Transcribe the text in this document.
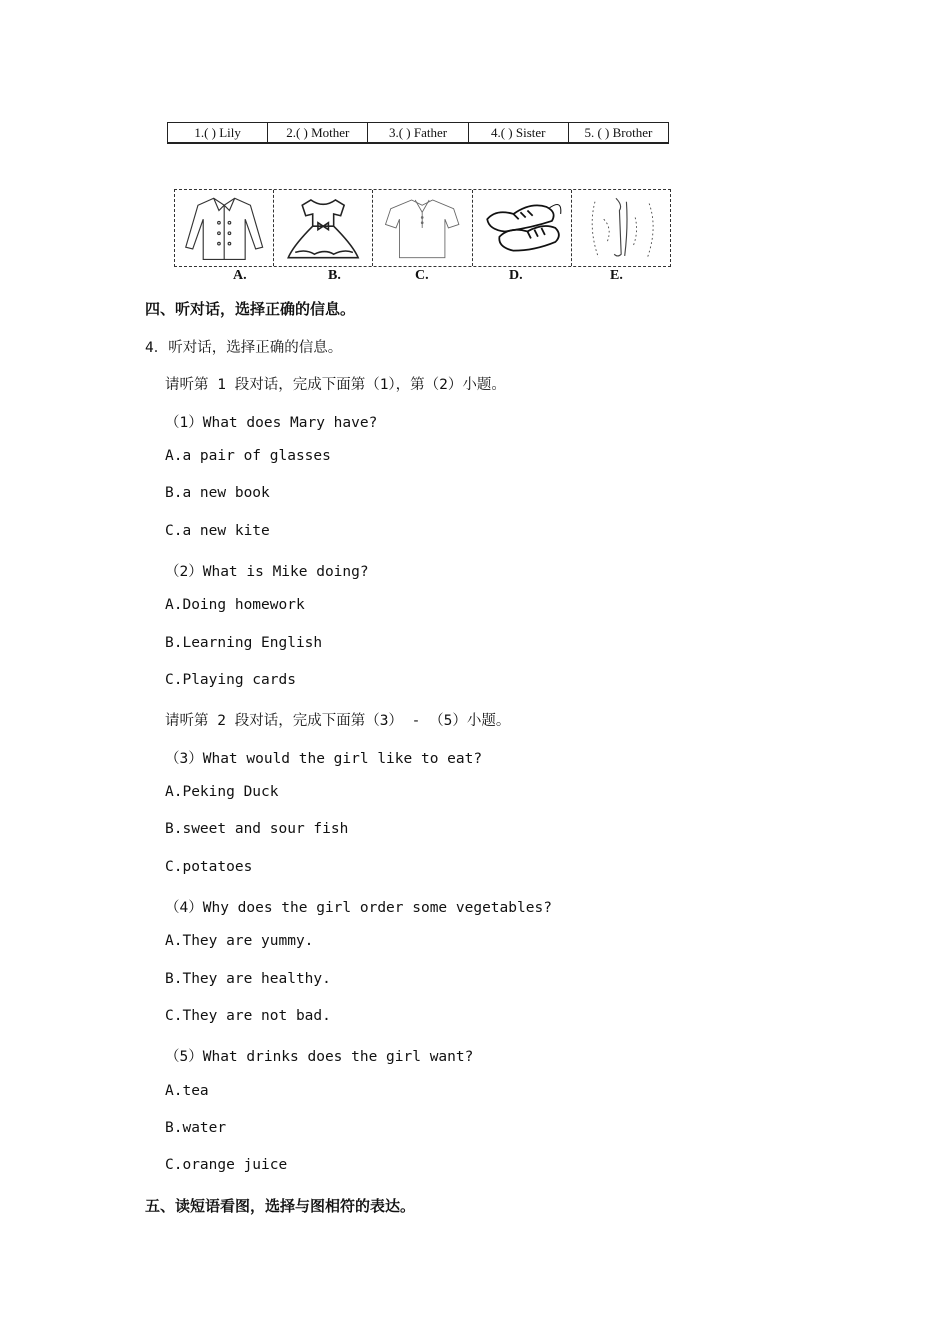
1.( ) Lily	2.( ) Mother	3.( ) Father	4.( ) Sister	5. ( ) Brother
A.	B.	C.	D.	E.
四、听对话，选择正确的信息。
4．听对话，选择正确的信息。
请听第 1 段对话，完成下面第（1），第（2）小题。
（1）What does Mary have?
A.a pair of glasses
B.a new book
C.a new kite
（2）What is Mike doing?
A.Doing homework
B.Learning English
C.Playing cards
请听第 2 段对话，完成下面第（3） - （5）小题。
（3）What would the girl like to eat?
A.Peking Duck
B.sweet and sour fish
C.potatoes
（4）Why does the girl order some vegetables?
A.They are yummy.
B.They are healthy.
C.They are not bad.
（5）What drinks does the girl want?
A.tea
B.water
C.orange juice
五、读短语看图，选择与图相符的表达。
